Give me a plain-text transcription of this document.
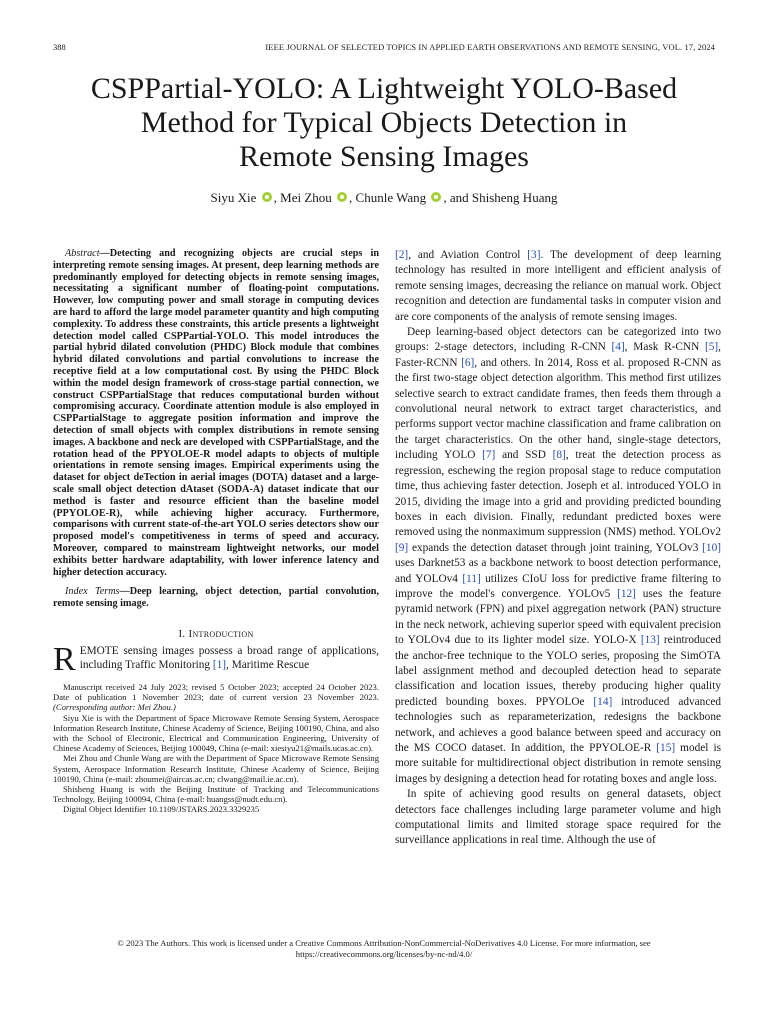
388	IEEE JOURNAL OF SELECTED TOPICS IN APPLIED EARTH OBSERVATIONS AND REMOTE SENSING, VOL. 17, 2024
CSPPartial-YOLO: A Lightweight YOLO-Based
Method for Typical Objects Detection in
Remote Sensing Images
Siyu Xie , Mei Zhou , Chunle Wang , and Shisheng Huang

Abstract—Detecting and recognizing objects are crucial steps in interpreting remote sensing images. At present, deep learning methods are predominantly employed for detecting objects in remote sensing images, necessitating a significant number of floating-point computations. However, low computing power and small storage in computing devices are hard to afford the large model parameter quantity and high computing complexity. To address these constraints, this article presents a lightweight detection model called CSPPartial-YOLO. This model introduces the partial hybrid dilated convolution (PHDC) Block module that combines hybrid dilated convolutions and partial convolutions to increase the receptive field at a low computational cost. By using the PHDC Block within the model design framework of cross-stage partial connection, we construct CSPPartialStage that reduces computational burden without compromising accuracy. Coordinate attention module is also employed in CSPPartialStage to aggregate position information and improve the detection of small objects with complex distributions in remote sensing images. A backbone and neck are developed with CSPPartialStage, and the rotation head of the PPYOLOE-R model adapts to objects of multiple orientations in remote sensing images. Empirical experiments using the dataset for object deTection in aerial images (DOTA) dataset and a large-scale small object detection dAtaset (SODA-A) dataset indicate that our method is faster and resource efficient than the baseline model (PPYOLOE-R), while achieving higher accuracy. Furthermore, comparisons with current state-of-the-art YOLO series detectors show our proposed model's competitiveness in terms of speed and accuracy. Moreover, compared to mainstream lightweight networks, our model exhibits better hardware adaptability, with lower inference latency and higher detection accuracy.

Index Terms—Deep learning, object detection, partial convolution, remote sensing image.

I. Introduction

REMOTE sensing images possess a broad range of applications, including Traffic Monitoring [1], Maritime Rescue

Manuscript received 24 July 2023; revised 5 October 2023; accepted 24 October 2023. Date of publication 1 November 2023; date of current version 23 November 2023. (Corresponding author: Mei Zhou.)

Siyu Xie is with the Department of Space Microwave Remote Sensing System, Aerospace Information Research Institute, Chinese Academy of Science, Beijing 100190, China, and also with the School of Electronic, Electrical and Communication Engineering, University of Chinese Academy of Sciences, Beijing 100049, China (e-mail: xiesiyu21@mails.ucas.ac.cn).

Mei Zhou and Chunle Wang are with the Department of Space Microwave Remote Sensing System, Aerospace Information Research Institute, Chinese Academy of Science, Beijing 100190, China (e-mail: zhoumei@aircas.ac.cn; clwang@mail.ie.ac.cn).

Shisheng Huang is with the Beijing Institute of Tracking and Telecommunications Technology, Beijing 100094, China (e-mail: huangss@nudt.edu.cn).

Digital Object Identifier 10.1109/JSTARS.2023.3329235

[2], and Aviation Control [3]. The development of deep learning technology has resulted in more intelligent and efficient analysis of remote sensing images, decreasing the reliance on manual work. Object recognition and detection are fundamental tasks in computer vision and are core components of the analysis of remote sensing images.

Deep learning-based object detectors can be categorized into two groups: 2-stage detectors, including R-CNN [4], Mask R-CNN [5], Faster-RCNN [6], and others. In 2014, Ross et al. proposed R-CNN as the first two-stage object detection algorithm. This method first utilizes selective search to extract candidate frames, then feeds them through a convolutional neural network to extract target characteristics, and performs support vector machine classification and frame calibration on the target characteristics. On the other hand, single-stage detectors, including YOLO [7] and SSD [8], treat the detection process as regression, eschewing the region proposal stage to reduce computation time, thus achieving faster detection. Joseph et al. introduced YOLO in 2015, dividing the image into a grid and providing predicted bounding boxes in each division. Finally, redundant predicted boxes were removed using the nonmaximum suppression (NMS) method. YOLOv2 [9] expands the detection dataset through joint training, YOLOv3 [10] uses Darknet53 as a backbone network to boost detection performance, and YOLOv4 [11] utilizes CIoU loss for predictive frame filtering to improve the model's convergence. YOLOv5 [12] uses the feature pyramid network (FPN) and pixel aggregation network (PAN) structure in the neck network, achieving superior speed with equivalent precision to YOLOv4 due to its lighter model size. YOLO-X [13] reintroduced the anchor-free technique to the YOLO series, proposing the SimOTA label assignment method and decoupled detection head to separate classification and location issues, thereby producing higher quality predicted bounding boxes. PPYOLOe [14] introduced advanced technologies such as reparameterization, redesigns the backbone network, and achieves a good balance between speed and accuracy on the MS COCO dataset. In addition, the PPYOLOE-R [15] model is more suitable for multidirectional object distribution in remote sensing images by designing a detection head for rotating boxes and angle loss.

In spite of achieving good results on general datasets, object detectors face challenges including large parameter volume and high computational limits and limited storage space required for the surveillance applications in real time. Although the use of

© 2023 The Authors. This work is licensed under a Creative Commons Attribution-NonCommercial-NoDerivatives 4.0 License. For more information, see
https://creativecommons.org/licenses/by-nc-nd/4.0/
